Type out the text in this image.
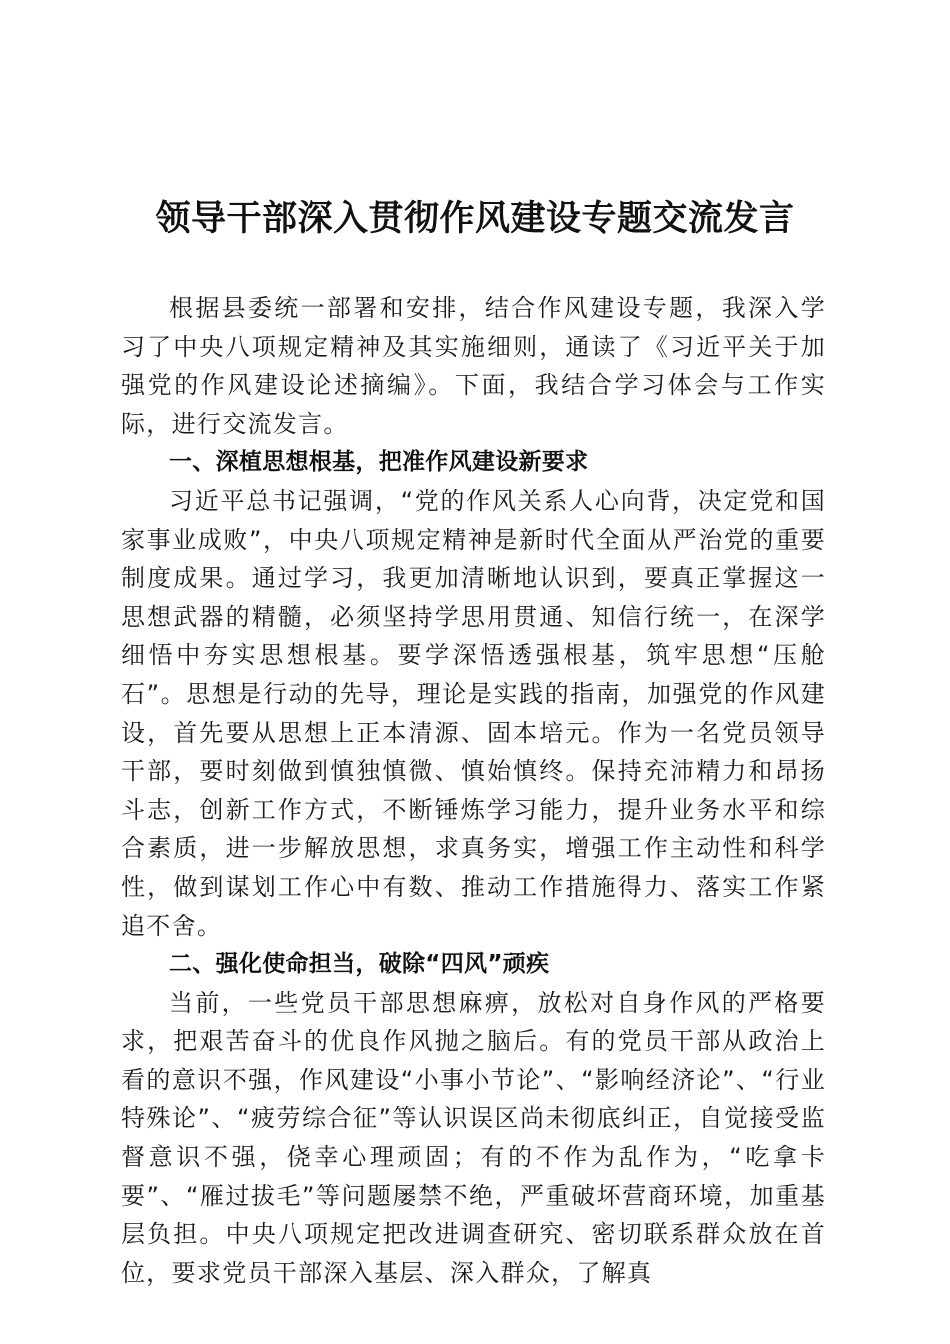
领导干部深入贯彻作风建设专题交流发言

根据县委统一部署和安排，结合作风建设专题，我深入学习了中央八项规定精神及其实施细则，通读了《习近平关于加强党的作风建设论述摘编》。下面，我结合学习体会与工作实际，进行交流发言。

一、深植思想根基，把准作风建设新要求

习近平总书记强调，“党的作风关系人心向背，决定党和国家事业成败”，中央八项规定精神是新时代全面从严治党的重要制度成果。通过学习，我更加清晰地认识到，要真正掌握这一思想武器的精髓，必须坚持学思用贯通、知信行统一，在深学细悟中夯实思想根基。要学深悟透强根基，筑牢思想“压舱石”。思想是行动的先导，理论是实践的指南，加强党的作风建设，首先要从思想上正本清源、固本培元。作为一名党员领导干部，要时刻做到慎独慎微、慎始慎终。保持充沛精力和昂扬斗志，创新工作方式，不断锤炼学习能力，提升业务水平和综合素质，进一步解放思想，求真务实，增强工作主动性和科学性，做到谋划工作心中有数、推动工作措施得力、落实工作紧追不舍。

二、强化使命担当，破除“四风”顽疾

当前，一些党员干部思想麻痹，放松对自身作风的严格要求，把艰苦奋斗的优良作风抛之脑后。有的党员干部从政治上看的意识不强，作风建设“小事小节论”、“影响经济论”、“行业特殊论”、“疲劳综合征”等认识误区尚未彻底纠正，自觉接受监督意识不强，侥幸心理顽固；有的不作为乱作为，“吃拿卡要”、“雁过拔毛”等问题屡禁不绝，严重破坏营商环境，加重基层负担。中央八项规定把改进调查研究、密切联系群众放在首位，要求党员干部深入基层、深入群众，了解真
